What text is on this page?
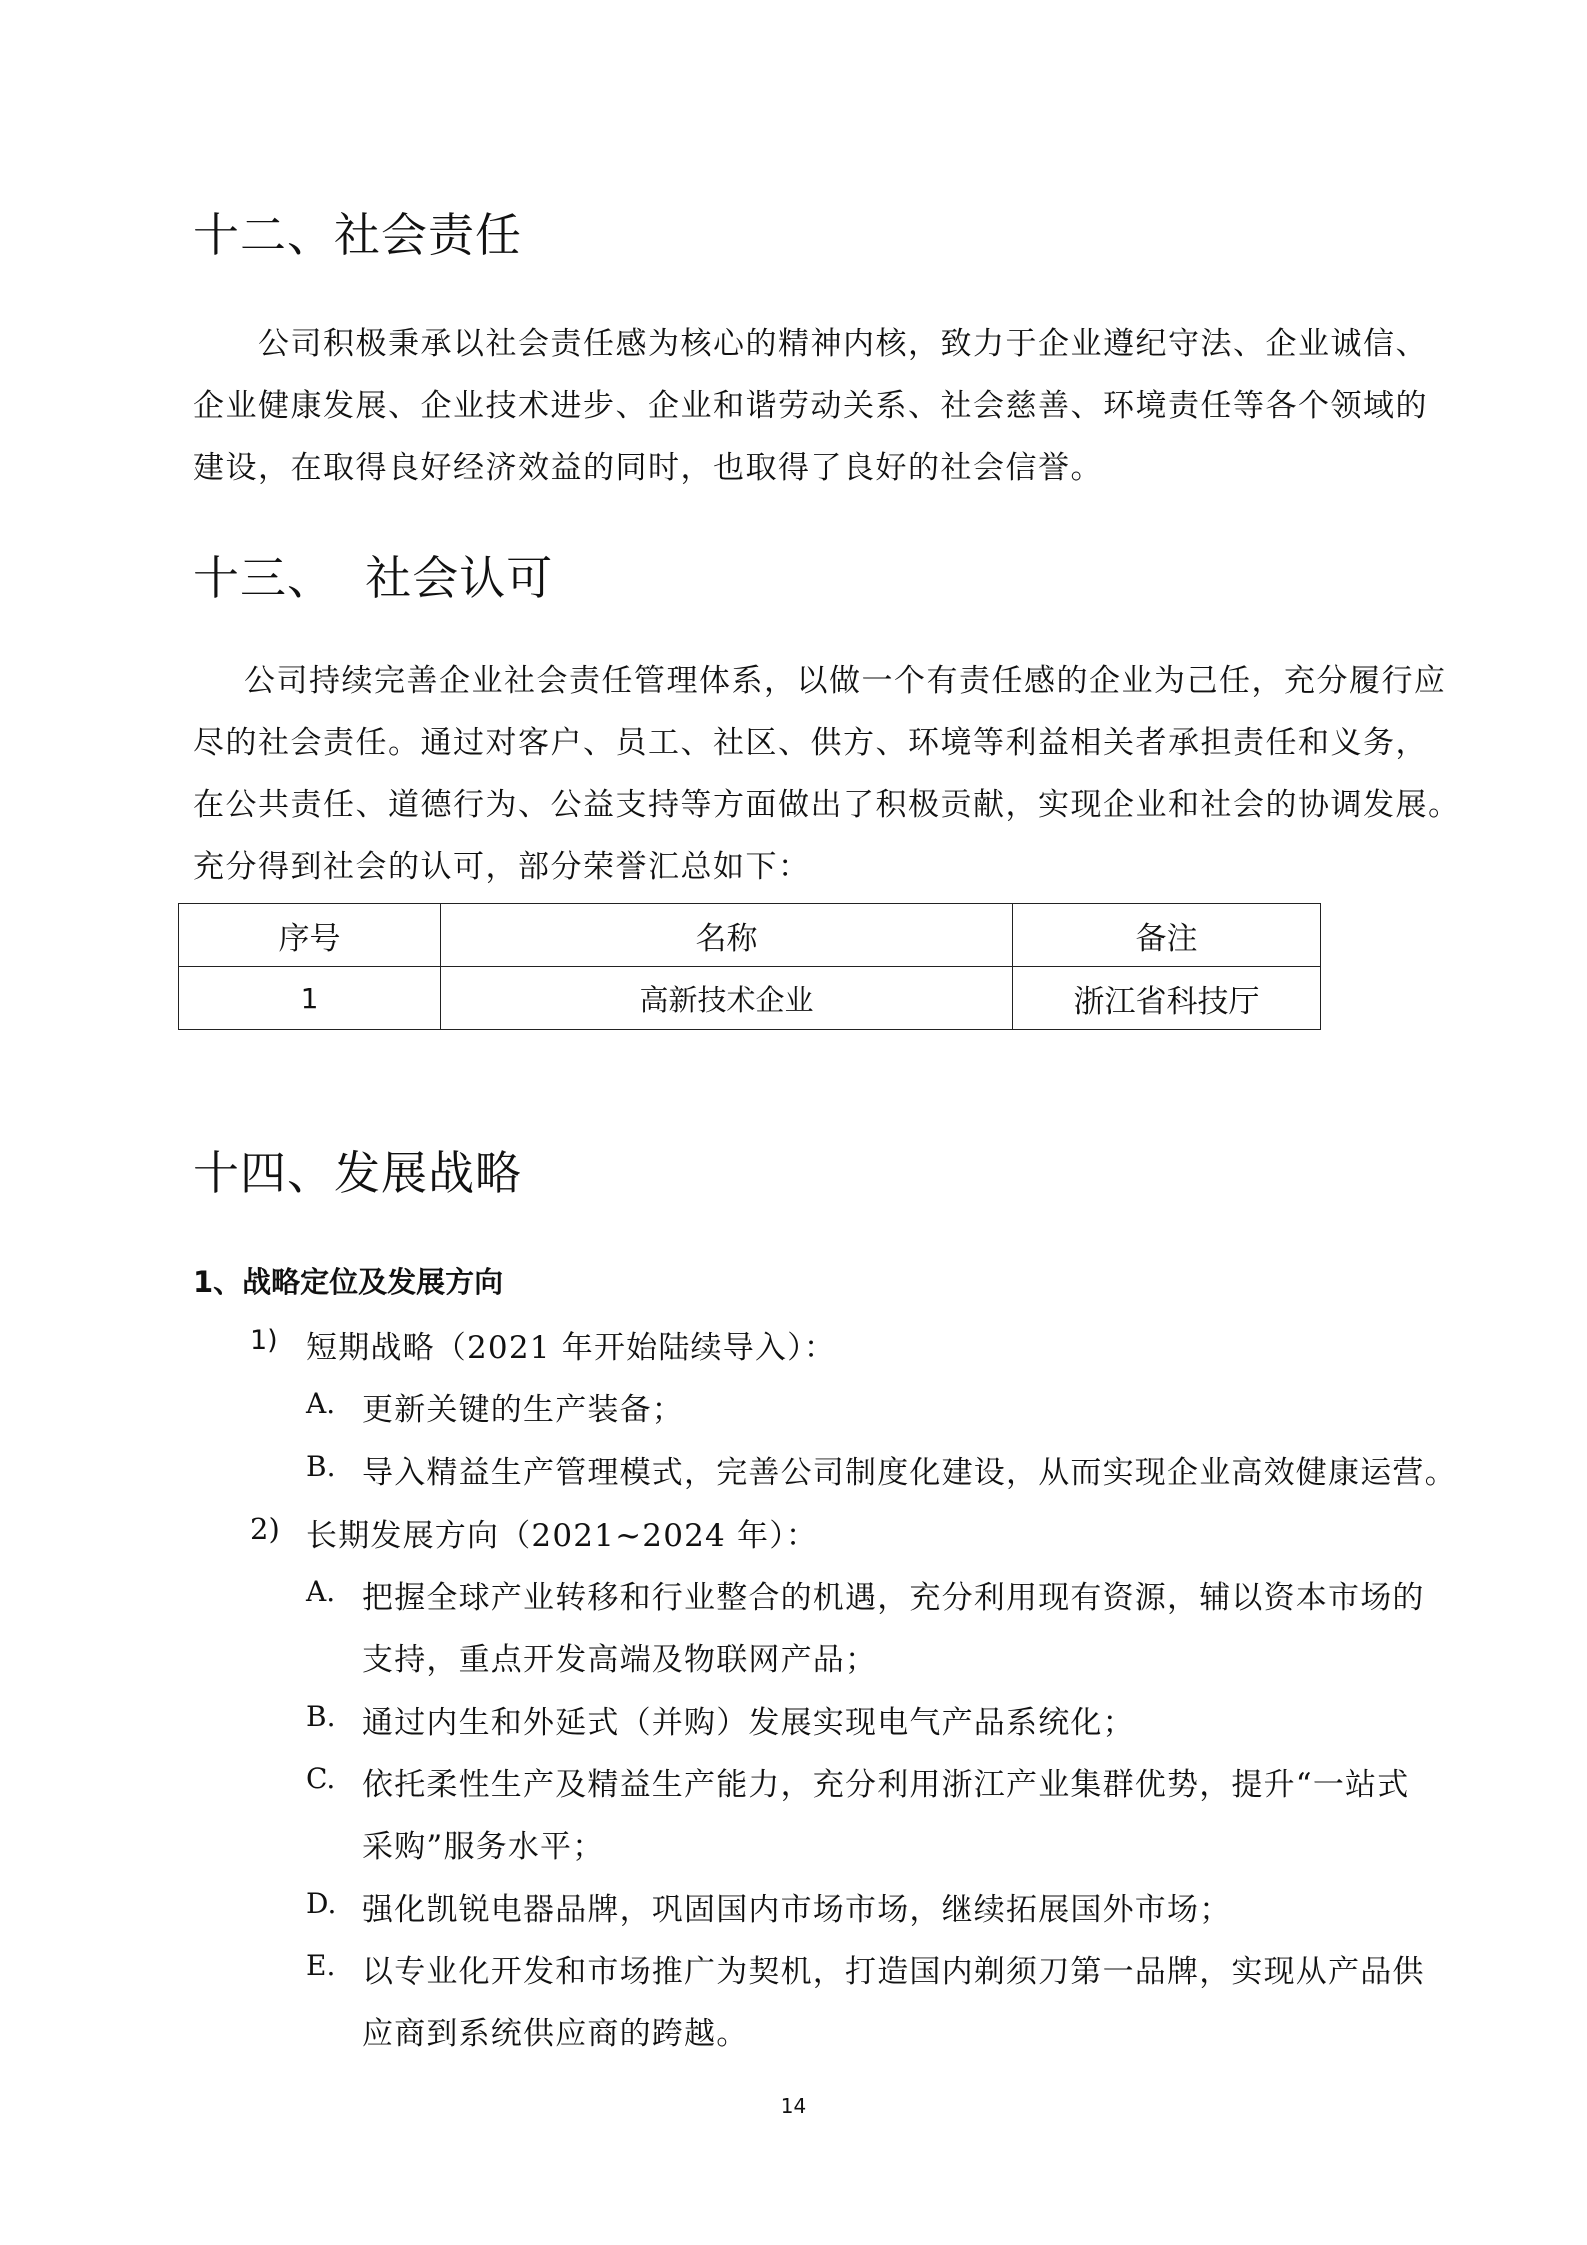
十二、社会责任
公司积极秉承以社会责任感为核心的精神内核，致力于企业遵纪守法、企业诚信、
企业健康发展、企业技术进步、企业和谐劳动关系、社会慈善、环境责任等各个领域的
建设，在取得良好经济效益的同时，也取得了良好的社会信誉。
十三、  社会认可
公司持续完善企业社会责任管理体系，以做一个有责任感的企业为己任，充分履行应
尽的社会责任。通过对客户、员工、社区、供方、环境等利益相关者承担责任和义务，
在公共责任、道德行为、公益支持等方面做出了积极贡献，实现企业和社会的协调发展。
充分得到社会的认可，部分荣誉汇总如下：
序号	名称	备注
1	高新技术企业	浙江省科技厅
十四、发展战略
1、战略定位及发展方向
1) 短期战略（2021 年开始陆续导入）：
A. 更新关键的生产装备；
B. 导入精益生产管理模式，完善公司制度化建设，从而实现企业高效健康运营。
2) 长期发展方向（2021~2024 年）：
A. 把握全球产业转移和行业整合的机遇，充分利用现有资源，辅以资本市场的
支持，重点开发高端及物联网产品；
B. 通过内生和外延式（并购）发展实现电气产品系统化；
C. 依托柔性生产及精益生产能力，充分利用浙江产业集群优势，提升“一站式
采购”服务水平；
D. 强化凯锐电器品牌，巩固国内市场市场，继续拓展国外市场；
E. 以专业化开发和市场推广为契机，打造国内剃须刀第一品牌，实现从产品供
应商到系统供应商的跨越。
14
